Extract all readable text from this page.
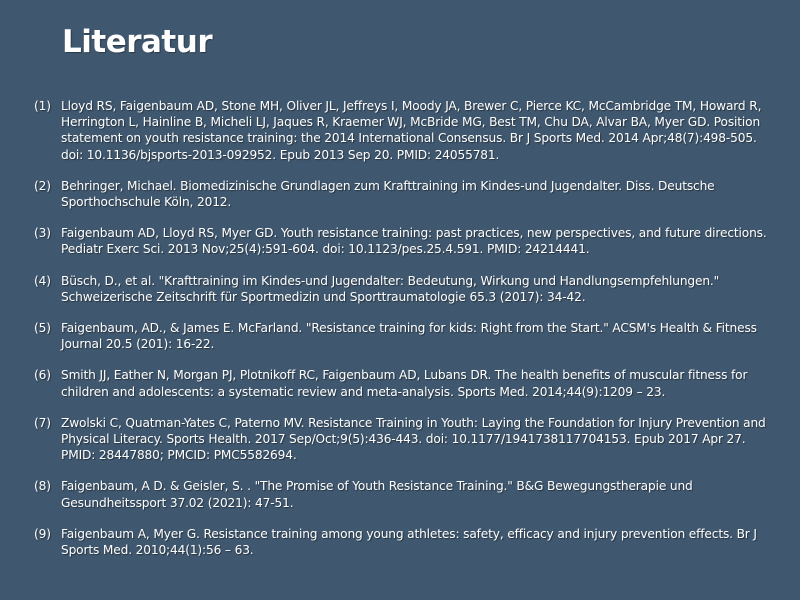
Literatur
(1) Lloyd RS, Faigenbaum AD, Stone MH, Oliver JL, Jeffreys I, Moody JA, Brewer C, Pierce KC, McCambridge TM, Howard R, Herrington L, Hainline B, Micheli LJ, Jaques R, Kraemer WJ, McBride MG, Best TM, Chu DA, Alvar BA, Myer GD. Position statement on youth resistance training: the 2014 International Consensus. Br J Sports Med. 2014 Apr;48(7):498-505. doi: 10.1136/bjsports-2013-092952. Epub 2013 Sep 20. PMID: 24055781.
(2) Behringer, Michael. Biomedizinische Grundlagen zum Krafttraining im Kindes-und Jugendalter. Diss. Deutsche Sporthochschule Köln, 2012.
(3) Faigenbaum AD, Lloyd RS, Myer GD. Youth resistance training: past practices, new perspectives, and future directions. Pediatr Exerc Sci. 2013 Nov;25(4):591-604. doi: 10.1123/pes.25.4.591. PMID: 24214441.
(4) Büsch, D., et al. "Krafttraining im Kindes-und Jugendalter: Bedeutung, Wirkung und Handlungsempfehlungen." Schweizerische Zeitschrift für Sportmedizin und Sporttraumatologie 65.3 (2017): 34-42.
(5) Faigenbaum, AD., & James E. McFarland. "Resistance training for kids: Right from the Start." ACSM's Health & Fitness Journal 20.5 (201): 16-22.
(6) Smith JJ, Eather N, Morgan PJ, Plotnikoff RC, Faigenbaum AD, Lubans DR. The health benefits of muscular fitness for children and adolescents: a systematic review and meta-analysis. Sports Med. 2014;44(9):1209 – 23.
(7) Zwolski C, Quatman-Yates C, Paterno MV. Resistance Training in Youth: Laying the Foundation for Injury Prevention and Physical Literacy. Sports Health. 2017 Sep/Oct;9(5):436-443. doi: 10.1177/1941738117704153. Epub 2017 Apr 27. PMID: 28447880; PMCID: PMC5582694.
(8) Faigenbaum, A D. & Geisler, S. . "The Promise of Youth Resistance Training." B&G Bewegungstherapie und Gesundheitssport 37.02 (2021): 47-51.
(9) Faigenbaum A, Myer G. Resistance training among young athletes: safety, efficacy and injury prevention effects. Br J Sports Med. 2010;44(1):56 – 63.
